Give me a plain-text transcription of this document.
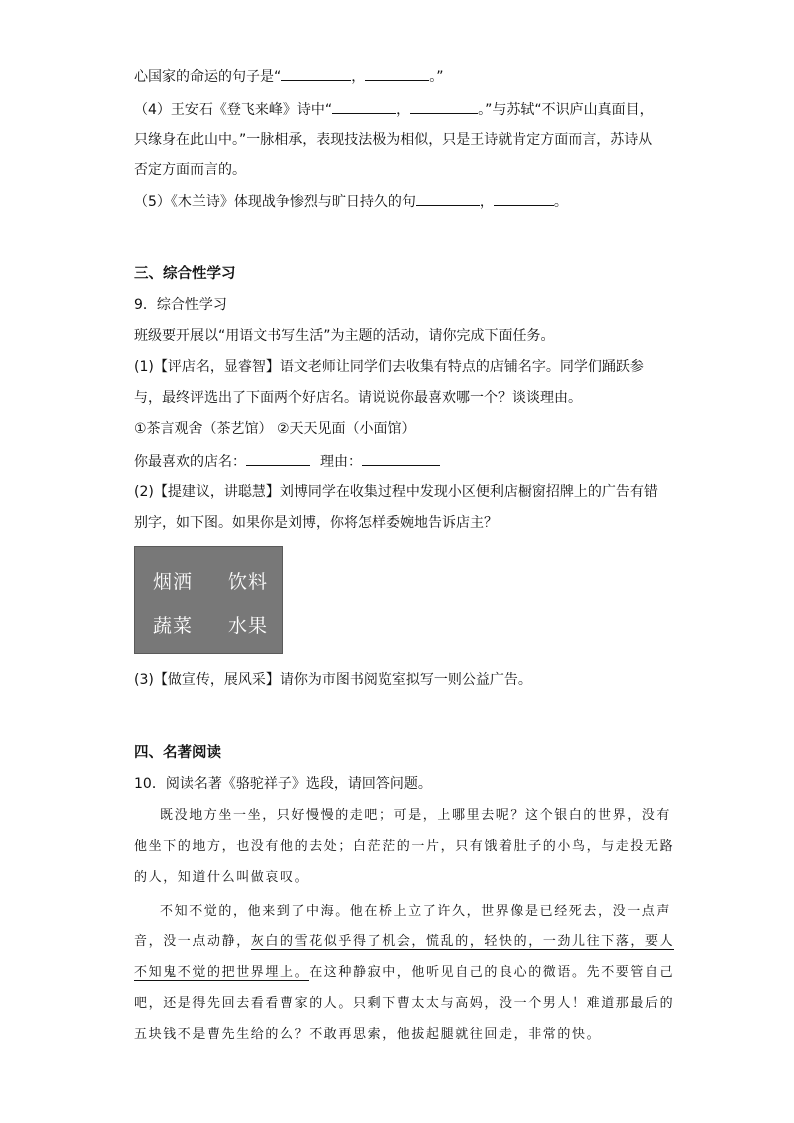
心国家的命运的句子是“	，	。”
（4）王安石《登飞来峰》诗中“	，	。”与苏轼“不识庐山真面目，
只缘身在此山中。”一脉相承，表现技法极为相似，只是王诗就肯定方面而言，苏诗从
否定方面而言的。
（5）《木兰诗》体现战争惨烈与旷日持久的句	，	。
三、综合性学习
9．综合性学习
班级要开展以“用语文书写生活”为主题的活动，请你完成下面任务。
(1)【评店名，显睿智】语文老师让同学们去收集有特点的店铺名字。同学们踊跃参
与，最终评选出了下面两个好店名。请说说你最喜欢哪一个？谈谈理由。
①茶言观舍（茶艺馆） ②天天见面（小面馆）
你最喜欢的店名：	理由：
(2)【提建议，讲聪慧】刘博同学在收集过程中发现小区便利店橱窗招牌上的广告有错
别字，如下图。如果你是刘博，你将怎样委婉地告诉店主？
烟洒 饮料
蔬菜 水果
(3)【做宣传，展风采】请你为市图书阅览室拟写一则公益广告。
四、名著阅读
10．阅读名著《骆驼祥子》选段，请回答问题。
既没地方坐一坐，只好慢慢的走吧；可是，上哪里去呢？这个银白的世界，没有
他坐下的地方，也没有他的去处；白茫茫的一片，只有饿着肚子的小鸟，与走投无路
的人，知道什么叫做哀叹。
不知不觉的，他来到了中海。他在桥上立了许久，世界像是已经死去，没一点声
音，没一点动静，灰白的雪花似乎得了机会，慌乱的，轻快的，一劲儿往下落，要人
不知鬼不觉的把世界埋上。在这种静寂中，他听见自己的良心的微语。先不要管自己
吧，还是得先回去看看曹家的人。只剩下曹太太与高妈，没一个男人！难道那最后的
五块钱不是曹先生给的么？不敢再思索，他拔起腿就往回走，非常的快。
